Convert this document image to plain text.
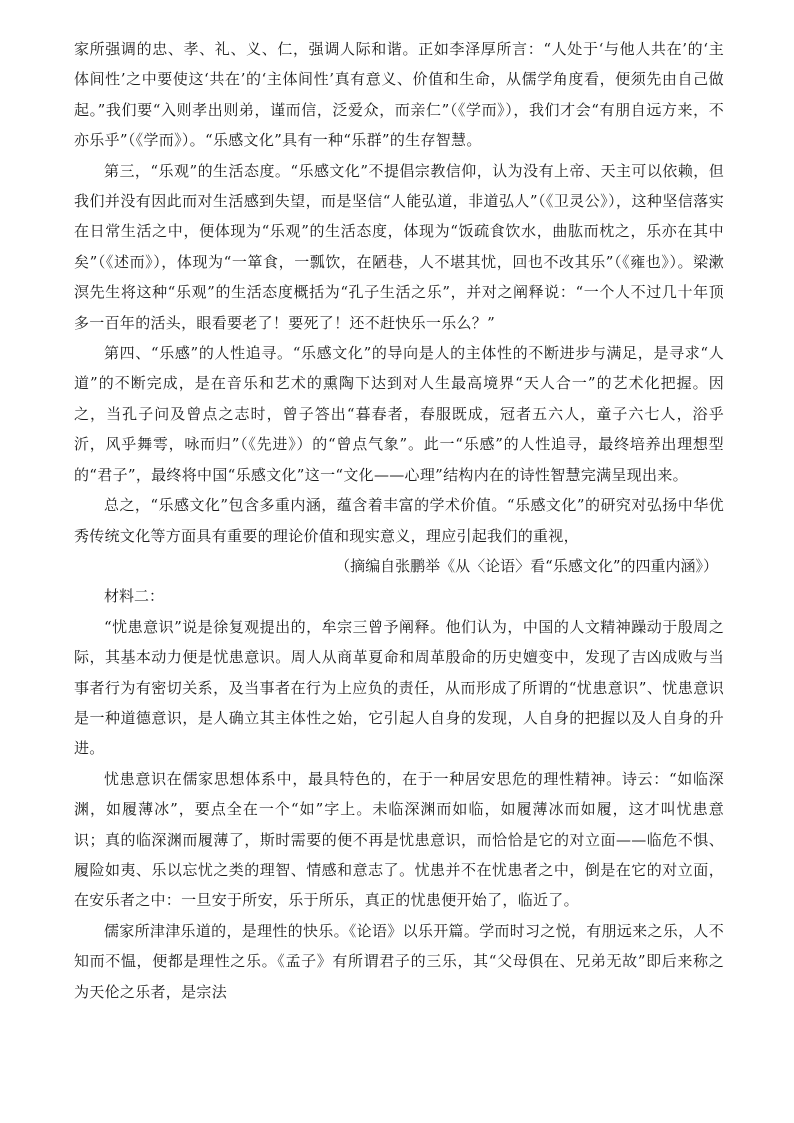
家所强调的忠、孝、礼、义、仁，强调人际和谐。正如李泽厚所言：“人处于‘与他人共在’的‘主体间性’之中要使这‘共在’的‘主体间性’真有意义、价值和生命，从儒学角度看，便须先由自己做起。”我们要“入则孝出则弟，谨而信，泛爱众，而亲仁”（《学而》），我们才会“有朋自远方来，不亦乐乎”（《学而》）。“乐感文化”具有一种“乐群”的生存智慧。

第三，“乐观”的生活态度。“乐感文化”不提倡宗教信仰，认为没有上帝、天主可以依赖，但我们并没有因此而对生活感到失望，而是坚信“人能弘道，非道弘人”（《卫灵公》），这种坚信落实在日常生活之中，便体现为“乐观”的生活态度，体现为“饭疏食饮水，曲肱而枕之，乐亦在其中矣”（《述而》），体现为“一箪食，一瓢饮，在陋巷，人不堪其忧，回也不改其乐”（《雍也》）。梁漱溟先生将这种“乐观”的生活态度概括为“孔子生活之乐”，并对之阐释说：“一个人不过几十年顶多一百年的活头，眼看要老了！要死了！还不赶快乐一乐么？”

第四、“乐感”的人性追寻。“乐感文化”的导向是人的主体性的不断进步与满足，是寻求“人道”的不断完成，是在音乐和艺术的熏陶下达到对人生最高境界“天人合一”的艺术化把握。因之，当孔子问及曾点之志时，曾子答出“暮春者，春服既成，冠者五六人，童子六七人，浴乎沂，风乎舞雩，咏而归”（《先进》）的“曾点气象”。此一“乐感”的人性追寻，最终培养出理想型的“君子”，最终将中国“乐感文化”这一“文化——心理”结构内在的诗性智慧完满呈现出来。

总之，“乐感文化”包含多重内涵，蕴含着丰富的学术价值。“乐感文化”的研究对弘扬中华优秀传统文化等方面具有重要的理论价值和现实意义，理应引起我们的重视，

（摘编自张鹏举《从〈论语〉看“乐感文化”的四重内涵》）

材料二：

“忧患意识”说是徐复观提出的，牟宗三曾予阐释。他们认为，中国的人文精神躁动于殷周之际，其基本动力便是忧患意识。周人从商革夏命和周革殷命的历史嬗变中，发现了吉凶成败与当事者行为有密切关系，及当事者在行为上应负的责任，从而形成了所谓的“忧患意识”、忧患意识是一种道德意识，是人确立其主体性之始，它引起人自身的发现，人自身的把握以及人自身的升进。

忧患意识在儒家思想体系中，最具特色的，在于一种居安思危的理性精神。诗云：“如临深渊，如履薄冰”，要点全在一个“如”字上。未临深渊而如临，如履薄冰而如履，这才叫忧患意识；真的临深渊而履薄了，斯时需要的便不再是忧患意识，而恰恰是它的对立面——临危不惧、履险如夷、乐以忘忧之类的理智、情感和意志了。忧患并不在忧患者之中，倒是在它的对立面，在安乐者之中：一旦安于所安，乐于所乐，真正的忧患便开始了，临近了。

儒家所津津乐道的，是理性的快乐。《论语》以乐开篇。学而时习之悦，有朋远来之乐，人不知而不愠，便都是理性之乐。《孟子》有所谓君子的三乐，其“父母俱在、兄弟无故”即后来称之为天伦之乐者，是宗法
